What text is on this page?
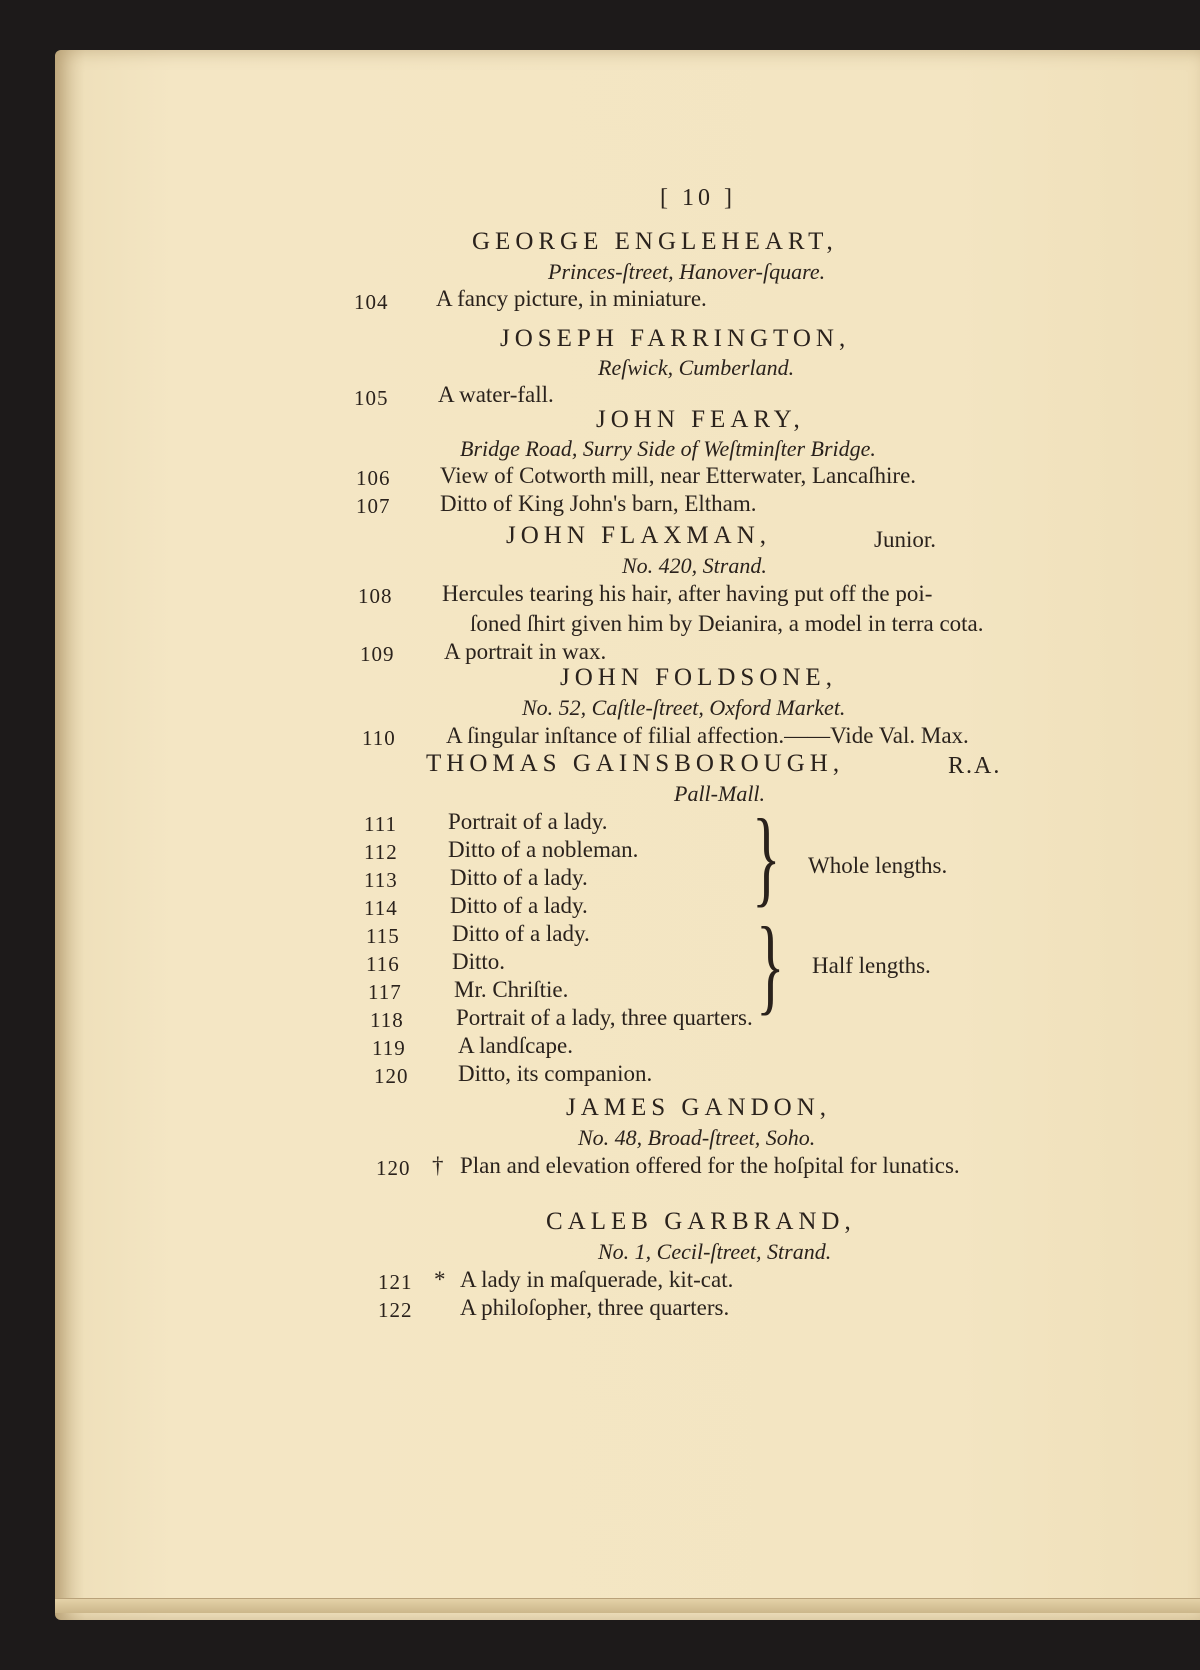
[ 10 ]
GEORGE ENGLEHEART,
Princes-ſtreet, Hanover-ſquare.
104 A fancy picture, in miniature.
JOSEPH FARRINGTON,
Reſwick, Cumberland.
105 A water-fall.
JOHN FEARY,
Bridge Road, Surry Side of Weſtminſter Bridge.
106 View of Cotworth mill, near Etterwater, Lancaſhire.
107 Ditto of King John's barn, Eltham.
JOHN FLAXMAN,	Junior.
No. 420, Strand.
108 Hercules tearing his hair, after having put off the poi-
ſoned ſhirt given him by Deianira, a model in terra cota.
109 A portrait in wax.
JOHN FOLDSONE,
No. 52, Caſtle-ſtreet, Oxford Market.
110 A ſingular inſtance of filial affection.——Vide Val. Max.
THOMAS GAINSBOROUGH,	R.A.
Pall-Mall.
111 Portrait of a lady.
112 Ditto of a nobleman.
113 Ditto of a lady.
114 Ditto of a lady.
115 Ditto of a lady.
116 Ditto.
117 Mr. Chriſtie.
118 Portrait of a lady, three quarters.
119 A landſcape.
120 Ditto, its companion.
} Whole lengths.
} Half lengths.
JAMES GANDON,
No. 48, Broad-ſtreet, Soho.
120 † Plan and elevation offered for the hoſpital for lunatics.
CALEB GARBRAND,
No. 1, Cecil-ſtreet, Strand.
121 * A lady in maſquerade, kit-cat.
122 A philoſopher, three quarters.
